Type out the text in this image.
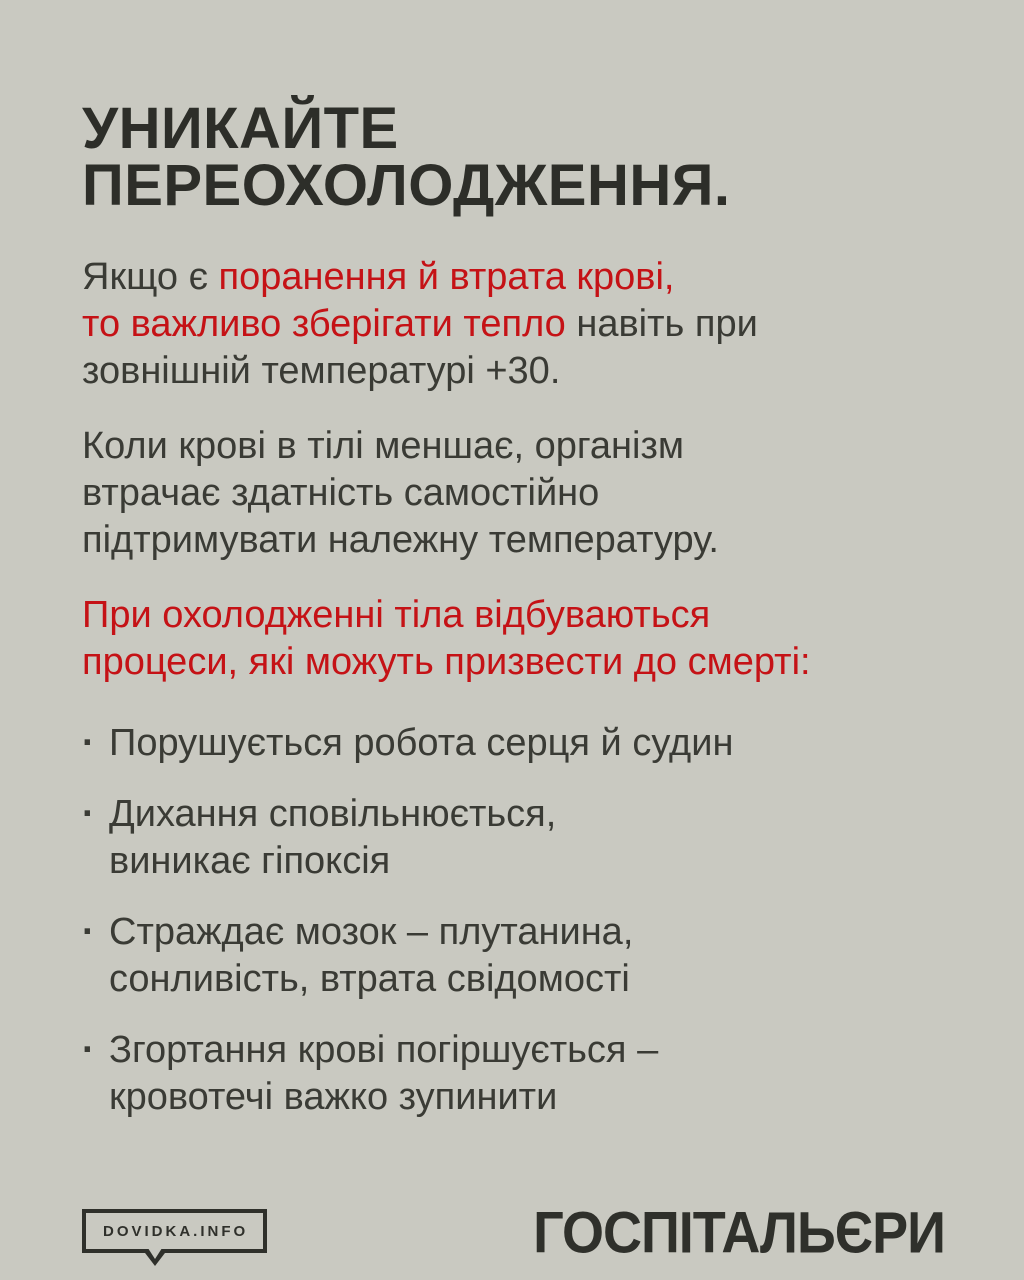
УНИКАЙТЕ
ПЕРЕОХОЛОДЖЕННЯ.

Якщо є поранення й втрата крові,
то важливо зберігати тепло навіть при
зовнішній температурі +30.

Коли крові в тілі меншає, організм
втрачає здатність самостійно
підтримувати належну температуру.

При охолодженні тіла відбуваються
процеси, які можуть призвести до смерті:

· Порушується робота серця й судин
· Дихання сповільнюється,
виникає гіпоксія
· Страждає мозок – плутанина,
сонливість, втрата свідомості
· Згортання крові погіршується –
кровотечі важко зупинити
DOVIDKA.INFO	ГОСПІТАЛЬЄРИ
